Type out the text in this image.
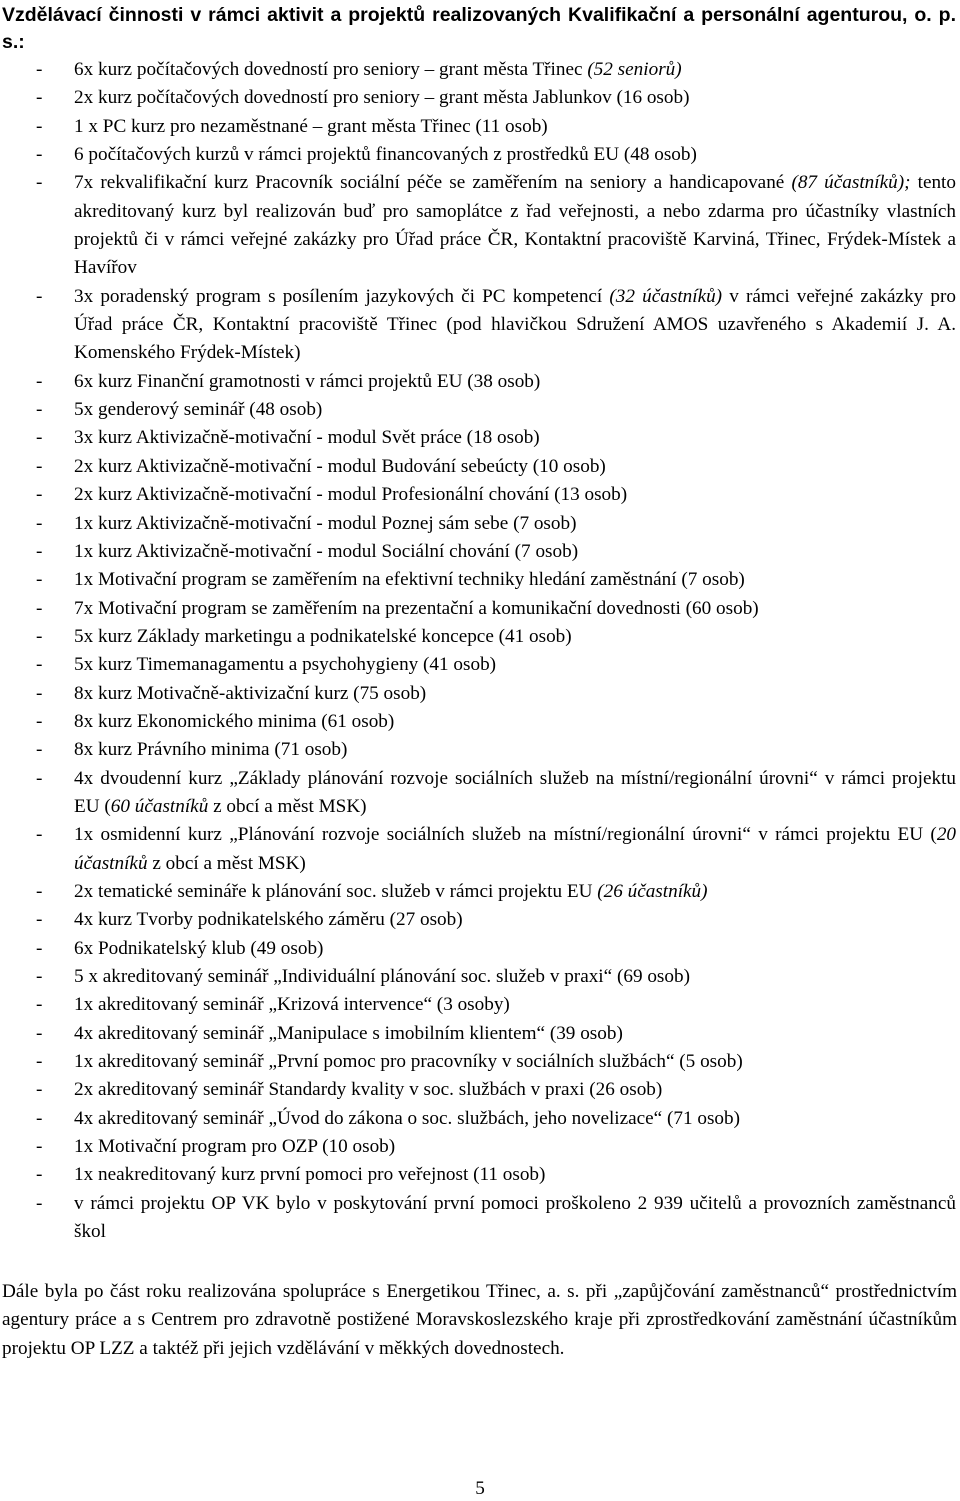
Vzdělávací činnosti v rámci aktivit a projektů realizovaných Kvalifikační a personální agenturou, o. p. s.:
- 6x kurz počítačových dovedností pro seniory – grant města Třinec (52 seniorů)
- 2x kurz počítačových dovedností pro seniory – grant města Jablunkov (16 osob)
- 1 x PC kurz pro nezaměstnané – grant města Třinec (11 osob)
- 6 počítačových kurzů v rámci projektů financovaných z prostředků EU (48 osob)
- 7x rekvalifikační kurz Pracovník sociální péče se zaměřením na seniory a handicapované (87 účastníků); tento akreditovaný kurz byl realizován buď pro samoplátce z řad veřejnosti, a nebo zdarma pro účastníky vlastních projektů či v rámci veřejné zakázky pro Úřad práce ČR, Kontaktní pracoviště Karviná, Třinec, Frýdek-Místek a Havířov
- 3x poradenský program s posílením jazykových či PC kompetencí (32 účastníků) v rámci veřejné zakázky pro Úřad práce ČR, Kontaktní pracoviště Třinec (pod hlavičkou Sdružení AMOS uzavřeného s Akademií J. A. Komenského Frýdek-Místek)
- 6x kurz Finanční gramotnosti v rámci projektů EU (38 osob)
- 5x genderový seminář (48 osob)
- 3x kurz Aktivizačně-motivační - modul Svět práce (18 osob)
- 2x kurz Aktivizačně-motivační - modul Budování sebeúcty (10 osob)
- 2x kurz Aktivizačně-motivační - modul Profesionální chování (13 osob)
- 1x kurz Aktivizačně-motivační - modul Poznej sám sebe (7 osob)
- 1x kurz Aktivizačně-motivační - modul Sociální chování (7 osob)
- 1x Motivační program se zaměřením na efektivní techniky hledání zaměstnání (7 osob)
- 7x Motivační program se zaměřením na prezentační a komunikační dovednosti (60 osob)
- 5x kurz Základy marketingu a podnikatelské koncepce (41 osob)
- 5x kurz Timemanagamentu a psychohygieny (41 osob)
- 8x kurz Motivačně-aktivizační kurz (75 osob)
- 8x kurz Ekonomického minima (61 osob)
- 8x kurz Právního minima (71 osob)
- 4x dvoudenní kurz „Základy plánování rozvoje sociálních služeb na místní/regionální úrovni“ v rámci projektu EU (60 účastníků z obcí a měst MSK)
- 1x osmidenní kurz „Plánování rozvoje sociálních služeb na místní/regionální úrovni“ v rámci projektu EU (20 účastníků z obcí a měst MSK)
- 2x tematické semináře k plánování soc. služeb v rámci projektu EU (26 účastníků)
- 4x kurz Tvorby podnikatelského záměru (27 osob)
- 6x Podnikatelský klub (49 osob)
- 5 x akreditovaný seminář „Individuální plánování soc. služeb v praxi“ (69 osob)
- 1x akreditovaný seminář „Krizová intervence“ (3 osoby)
- 4x akreditovaný seminář „Manipulace s imobilním klientem“ (39 osob)
- 1x akreditovaný seminář „První pomoc pro pracovníky v sociálních službách“ (5 osob)
- 2x akreditovaný seminář Standardy kvality v soc. službách v praxi (26 osob)
- 4x akreditovaný seminář „Úvod do zákona o soc. službách, jeho novelizace“ (71 osob)
- 1x Motivační program pro OZP (10 osob)
- 1x neakreditovaný kurz první pomoci pro veřejnost (11 osob)
- v rámci projektu OP VK bylo v poskytování první pomoci proškoleno 2 939 učitelů a provozních zaměstnanců škol
Dále byla po část roku realizována spolupráce s Energetikou Třinec, a. s. při „zapůjčování zaměstnanců“ prostřednictvím agentury práce a s Centrem pro zdravotně postižené Moravskoslezského kraje při zprostředkování zaměstnání účastníkům projektu OP LZZ a taktéž při jejich vzdělávání v měkkých dovednostech.
5
